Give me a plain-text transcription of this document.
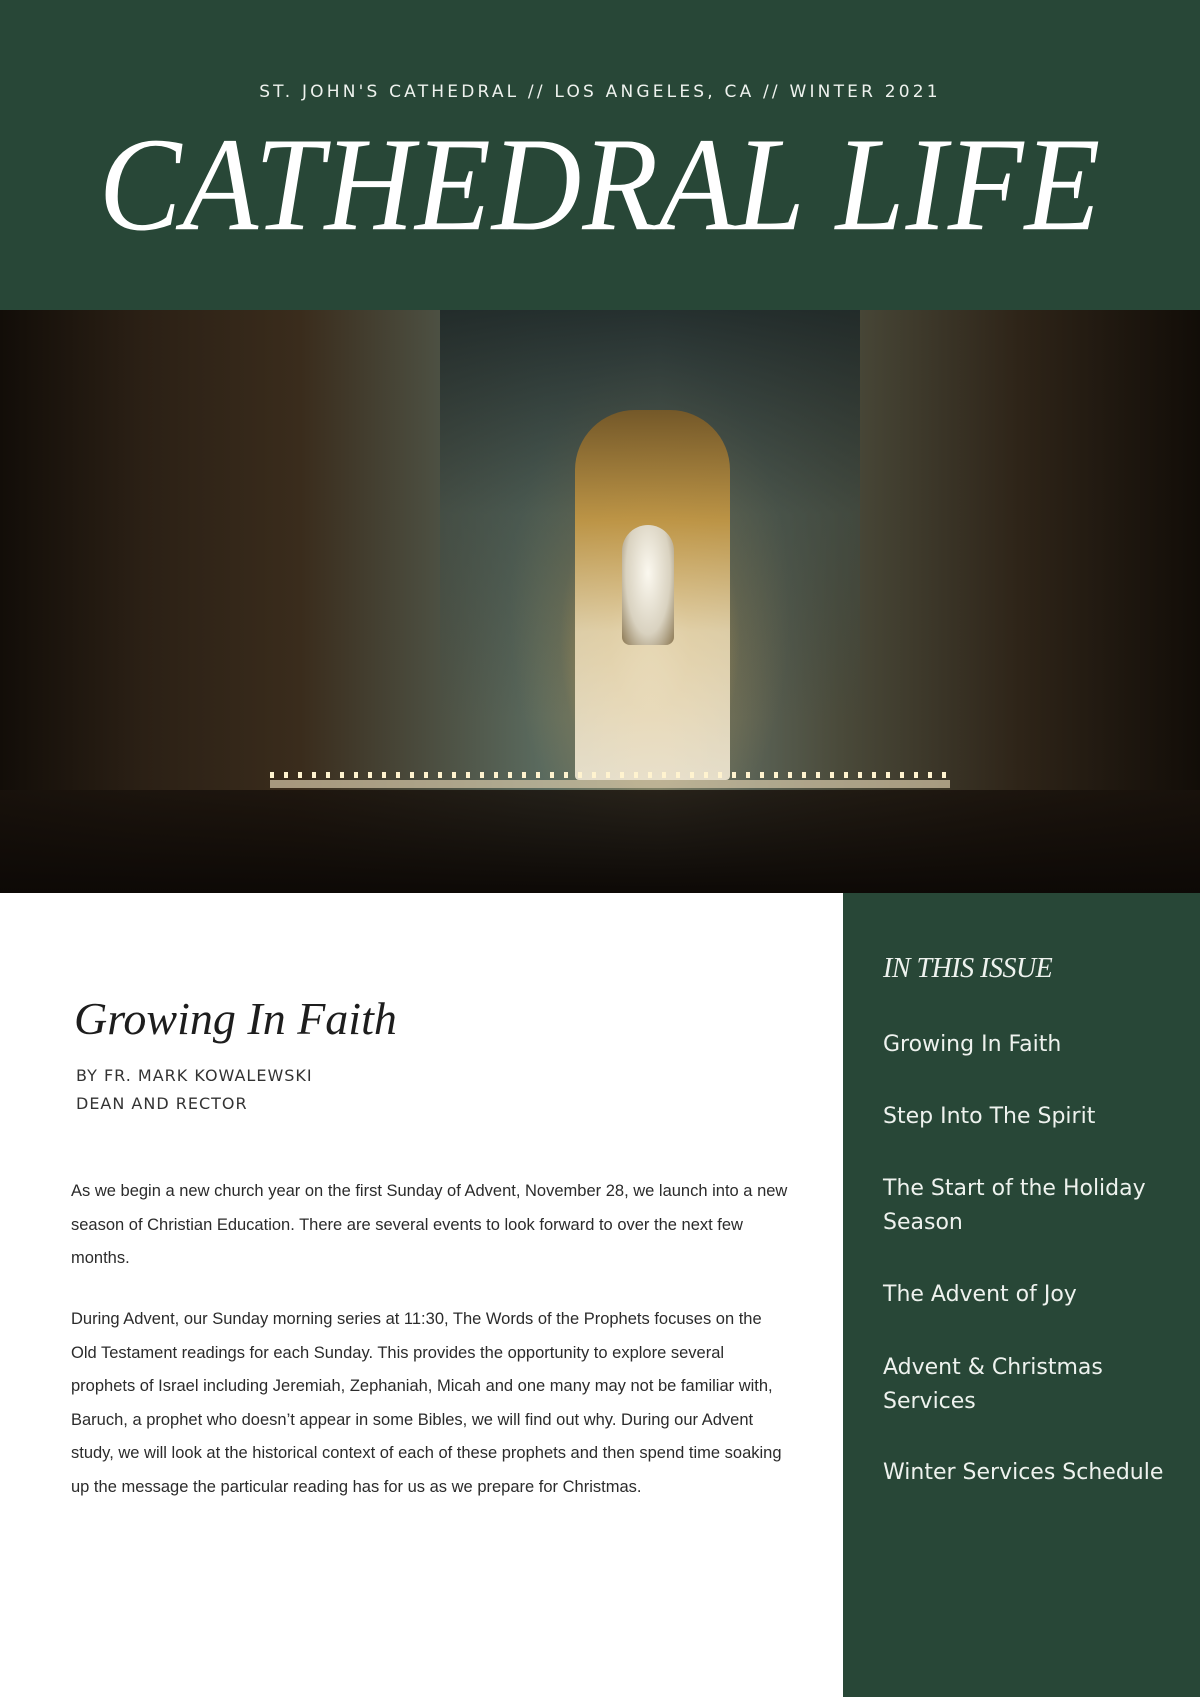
ST. JOHN'S CATHEDRAL // LOS ANGELES, CA // WINTER 2021
CATHEDRAL LIFE
Growing In Faith
BY FR. MARK KOWALEWSKI
DEAN AND RECTOR

As we begin a new church year on the first Sunday of Advent, November 28, we launch into a new season of Christian Education. There are several events to look forward to over the next few months.

During Advent, our Sunday morning series at 11:30, The Words of the Prophets focuses on the Old Testament readings for each Sunday. This provides the opportunity to explore several prophets of Israel including Jeremiah, Zephaniah, Micah and one many may not be familiar with, Baruch, a prophet who doesn’t appear in some Bibles, we will find out why. During our Advent study, we will look at the historical context of each of these prophets and then spend time soaking up the message the particular reading has for us as we prepare for Christmas.

IN THIS ISSUE
Growing In Faith
Step Into The Spirit
The Start of the Holiday Season
The Advent of Joy
Advent & Christmas Services
Winter Services Schedule
